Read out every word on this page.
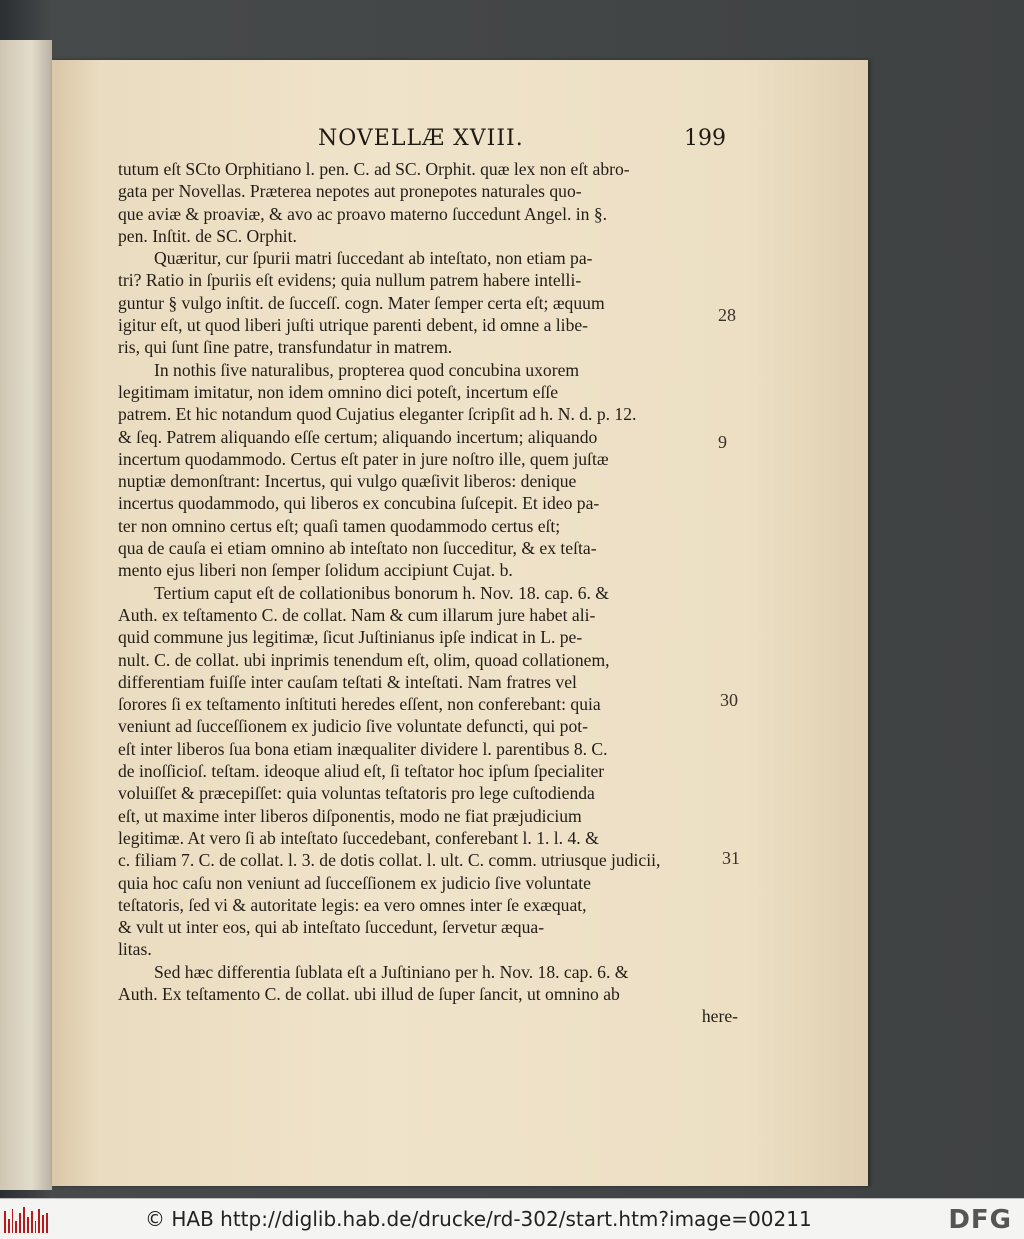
NOVELLÆ XVIII.	199
tutum eſt SCto Orphitiano l. pen. C. ad SC. Orphit. quæ lex non eſt abro-
gata per Novellas. Præterea nepotes aut pronepotes naturales quo-
que aviæ & proaviæ, & avo ac proavo materno ſuccedunt Angel. in §.
pen. Inſtit. de SC. Orphit.
Quæritur, cur ſpurii matri ſuccedant ab inteſtato, non etiam pa-
tri? Ratio in ſpuriis eſt evidens; quia nullum patrem habere intelli-
guntur § vulgo inſtit. de ſucceſſ. cogn. Mater ſemper certa eſt; æquum
igitur eſt, ut quod liberi juſti utrique parenti debent, id omne a libe-
ris, qui ſunt ſine patre, transfundatur in matrem.
In nothis ſive naturalibus, propterea quod concubina uxorem
legitimam imitatur, non idem omnino dici poteſt, incertum eſſe
patrem. Et hic notandum quod Cujatius eleganter ſcripſit ad h. N. d. p. 12.
& ſeq. Patrem aliquando eſſe certum; aliquando incertum; aliquando
incertum quodammodo. Certus eſt pater in jure noſtro ille, quem juſtæ
nuptiæ demonſtrant: Incertus, qui vulgo quæſivit liberos: denique
incertus quodammodo, qui liberos ex concubina ſuſcepit. Et ideo pa-
ter non omnino certus eſt; quaſi tamen quodammodo certus eſt;
qua de cauſa ei etiam omnino ab inteſtato non ſucceditur, & ex teſta-
mento ejus liberi non ſemper ſolidum accipiunt Cujat. b.
Tertium caput eſt de collationibus bonorum h. Nov. 18. cap. 6. &
Auth. ex teſtamento C. de collat. Nam & cum illarum jure habet ali-
quid commune jus legitimæ, ſicut Juſtinianus ipſe indicat in L. pe-
nult. C. de collat. ubi inprimis tenendum eſt, olim, quoad collationem,
differentiam fuiſſe inter cauſam teſtati & inteſtati. Nam fratres vel
ſorores ſi ex teſtamento inſtituti heredes eſſent, non conferebant: quia
veniunt ad ſucceſſionem ex judicio ſive voluntate defuncti, qui pot-
eſt inter liberos ſua bona etiam inæqualiter dividere l. parentibus 8. C.
de inoſſicioſ. teſtam. ideoque aliud eſt, ſi teſtator hoc ipſum ſpecialiter
voluiſſet & præcepiſſet: quia voluntas teſtatoris pro lege cuſtodienda
eſt, ut maxime inter liberos diſponentis, modo ne fiat præjudicium
legitimæ. At vero ſi ab inteſtato ſuccedebant, conferebant l. 1. l. 4. &
c. filiam 7. C. de collat. l. 3. de dotis collat. l. ult. C. comm. utriusque judicii,
quia hoc caſu non veniunt ad ſucceſſionem ex judicio ſive voluntate
teſtatoris, ſed vi & autoritate legis: ea vero omnes inter ſe exæquat,
& vult ut inter eos, qui ab inteſtato ſuccedunt, ſervetur æqua-
litas.
Sed hæc differentia ſublata eſt a Juſtiniano per h. Nov. 18. cap. 6. &
Auth. Ex teſtamento C. de collat. ubi illud de ſuper ſancit, ut omnino ab
here-
28
9
30
31
© HAB http://diglib.hab.de/drucke/rd-302/start.htm?image=00211	DFG
